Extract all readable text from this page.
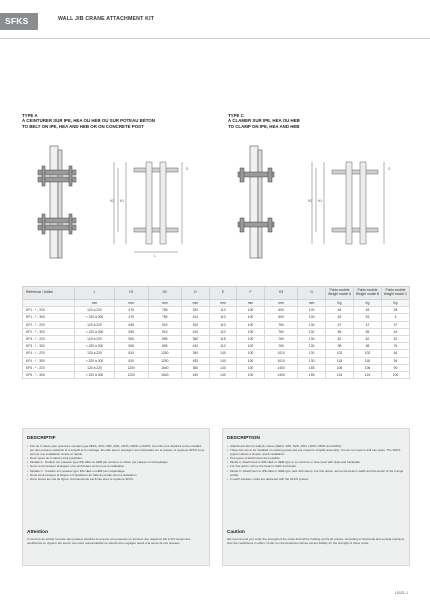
SFKS	WALL JIB CRANE ATTACHMENT KIT
TYPE A
À CEINTURER SUR IPE, HEA OU HEB OU SUR POTEAU BÉTON
TO BELT ON IPE, HEA AND HEB OR ON CONCRETE POST
TYPE C
À CLAMER SUR IPE, HEA OU HEB
TO CLAMP ON IPE, HEA AND HEB
H2 H1
L
D
H2 H1
G
Référence / Artikel	L	H1	H2	D	E	F	H3	G	Poids modèle Weight model A	Poids modèle Weight model B	Poids modèle Weight model C
	mm	mm	mm	mm	mm	mm	mm	mm	Kg	Kg	Kg
KF1 - * - 220	120 à 220	475	755	320	110	100	600	100	45	45	35
KF1 - * - 300	> 220 à 300	475	755	410	110	100	600	100	53	53	4
KF2 - * - 220	120 à 220	635	915	320	110	100	760	130	47	47	37
KF2 - * - 300	> 220 à 300	635	915	410	110	100	760	130	55	55	44
KF3 - * - 220	120 à 220	505	895	350	115	100	760	130	82	82	52
KF3 - * - 300	> 220 à 300	505	895	430	110	100	760	130	98	98	76
KF4 - * - 220	120 à 220	810	1250	350	140	100	1010	130	102	102	84
KF4 - * - 300	> 220 à 300	810	1250	430	140	100	1010	130	118	118	94
KF5 - * - 220	120 à 220	1200	1640	350	140	100	1400	155	106	106	90
KF5 - * - 300	> 220 à 300	1200	1640	430	140	100	1400	155	124	124	100
DESCRIPTIF
• Kits de fi xation pour potences murales type ZEFA, ZZS, NZD, ZZD, LZDS, NZDK et AZDS. Ces kits sont destinés à être installés sur des poteaux existants et à simplifi er le montage. En effet aucun perçage n'est nécessaire sur le poteau, le système SFKS vous permet une installation simple et rapide.
• Deux types de fi xations sont possibles :
• Modèle A : Fixation sur poteaux type IPE HEA ou HEB par ceinture ou béton par plaque et contreplaque.
• Nous communiquer la largeur et la profondeur du fer pour la réalisation.
• Modèle C : Fixation sur poteaux type IPE HEA ou HEB par crapaudage.
• Nous communiquer la largeur et l'épaisseur de l'aile du profilé pour la réalisation.
• Dans toutes les cas de figure, la boulonnerie est livrée avec le système SFKS.
Attention

Il convient de vérifier la tenue des poteaux destinés à recevoir vos potences en fonction des réactions RH et RV issues des coefficients en vigueur. En aucun cas notre responsabilité ne saurait être engagée quant à la tenue de ces poteaux.

DESCRIPTION
• Attachment kits for wall jib cranes (ZEFA, ZZS, NZD, ZZD, LZDS, NZDK and AZDS).
• These kits are to be installed on existing posts and are meant to simplify assembly. You do not need to drill into posts. The SFKS system allows a simple, quick installation.
• Two types of attachment are possible:
• Model A: Attachment to IPE HEA or HEB-type or to concrete or steel post with plate and backplate.
• For this option, tell us the beam's width and depth.
• Model C: Attachment to IPE HEA or HEB-type post with clamp. For this option, tell us the beam's width and the depth of the fl ange profile.
• In each situation, bolts are delivered with the SFKS system.
Caution

We recommend you verify the strength of the posts that will be holding up the jib cranes, according to horizontal and vertical reactions plus the coefficients in effect. Under no circumstances will we accept liability for the strength of these posts.

10021-1
